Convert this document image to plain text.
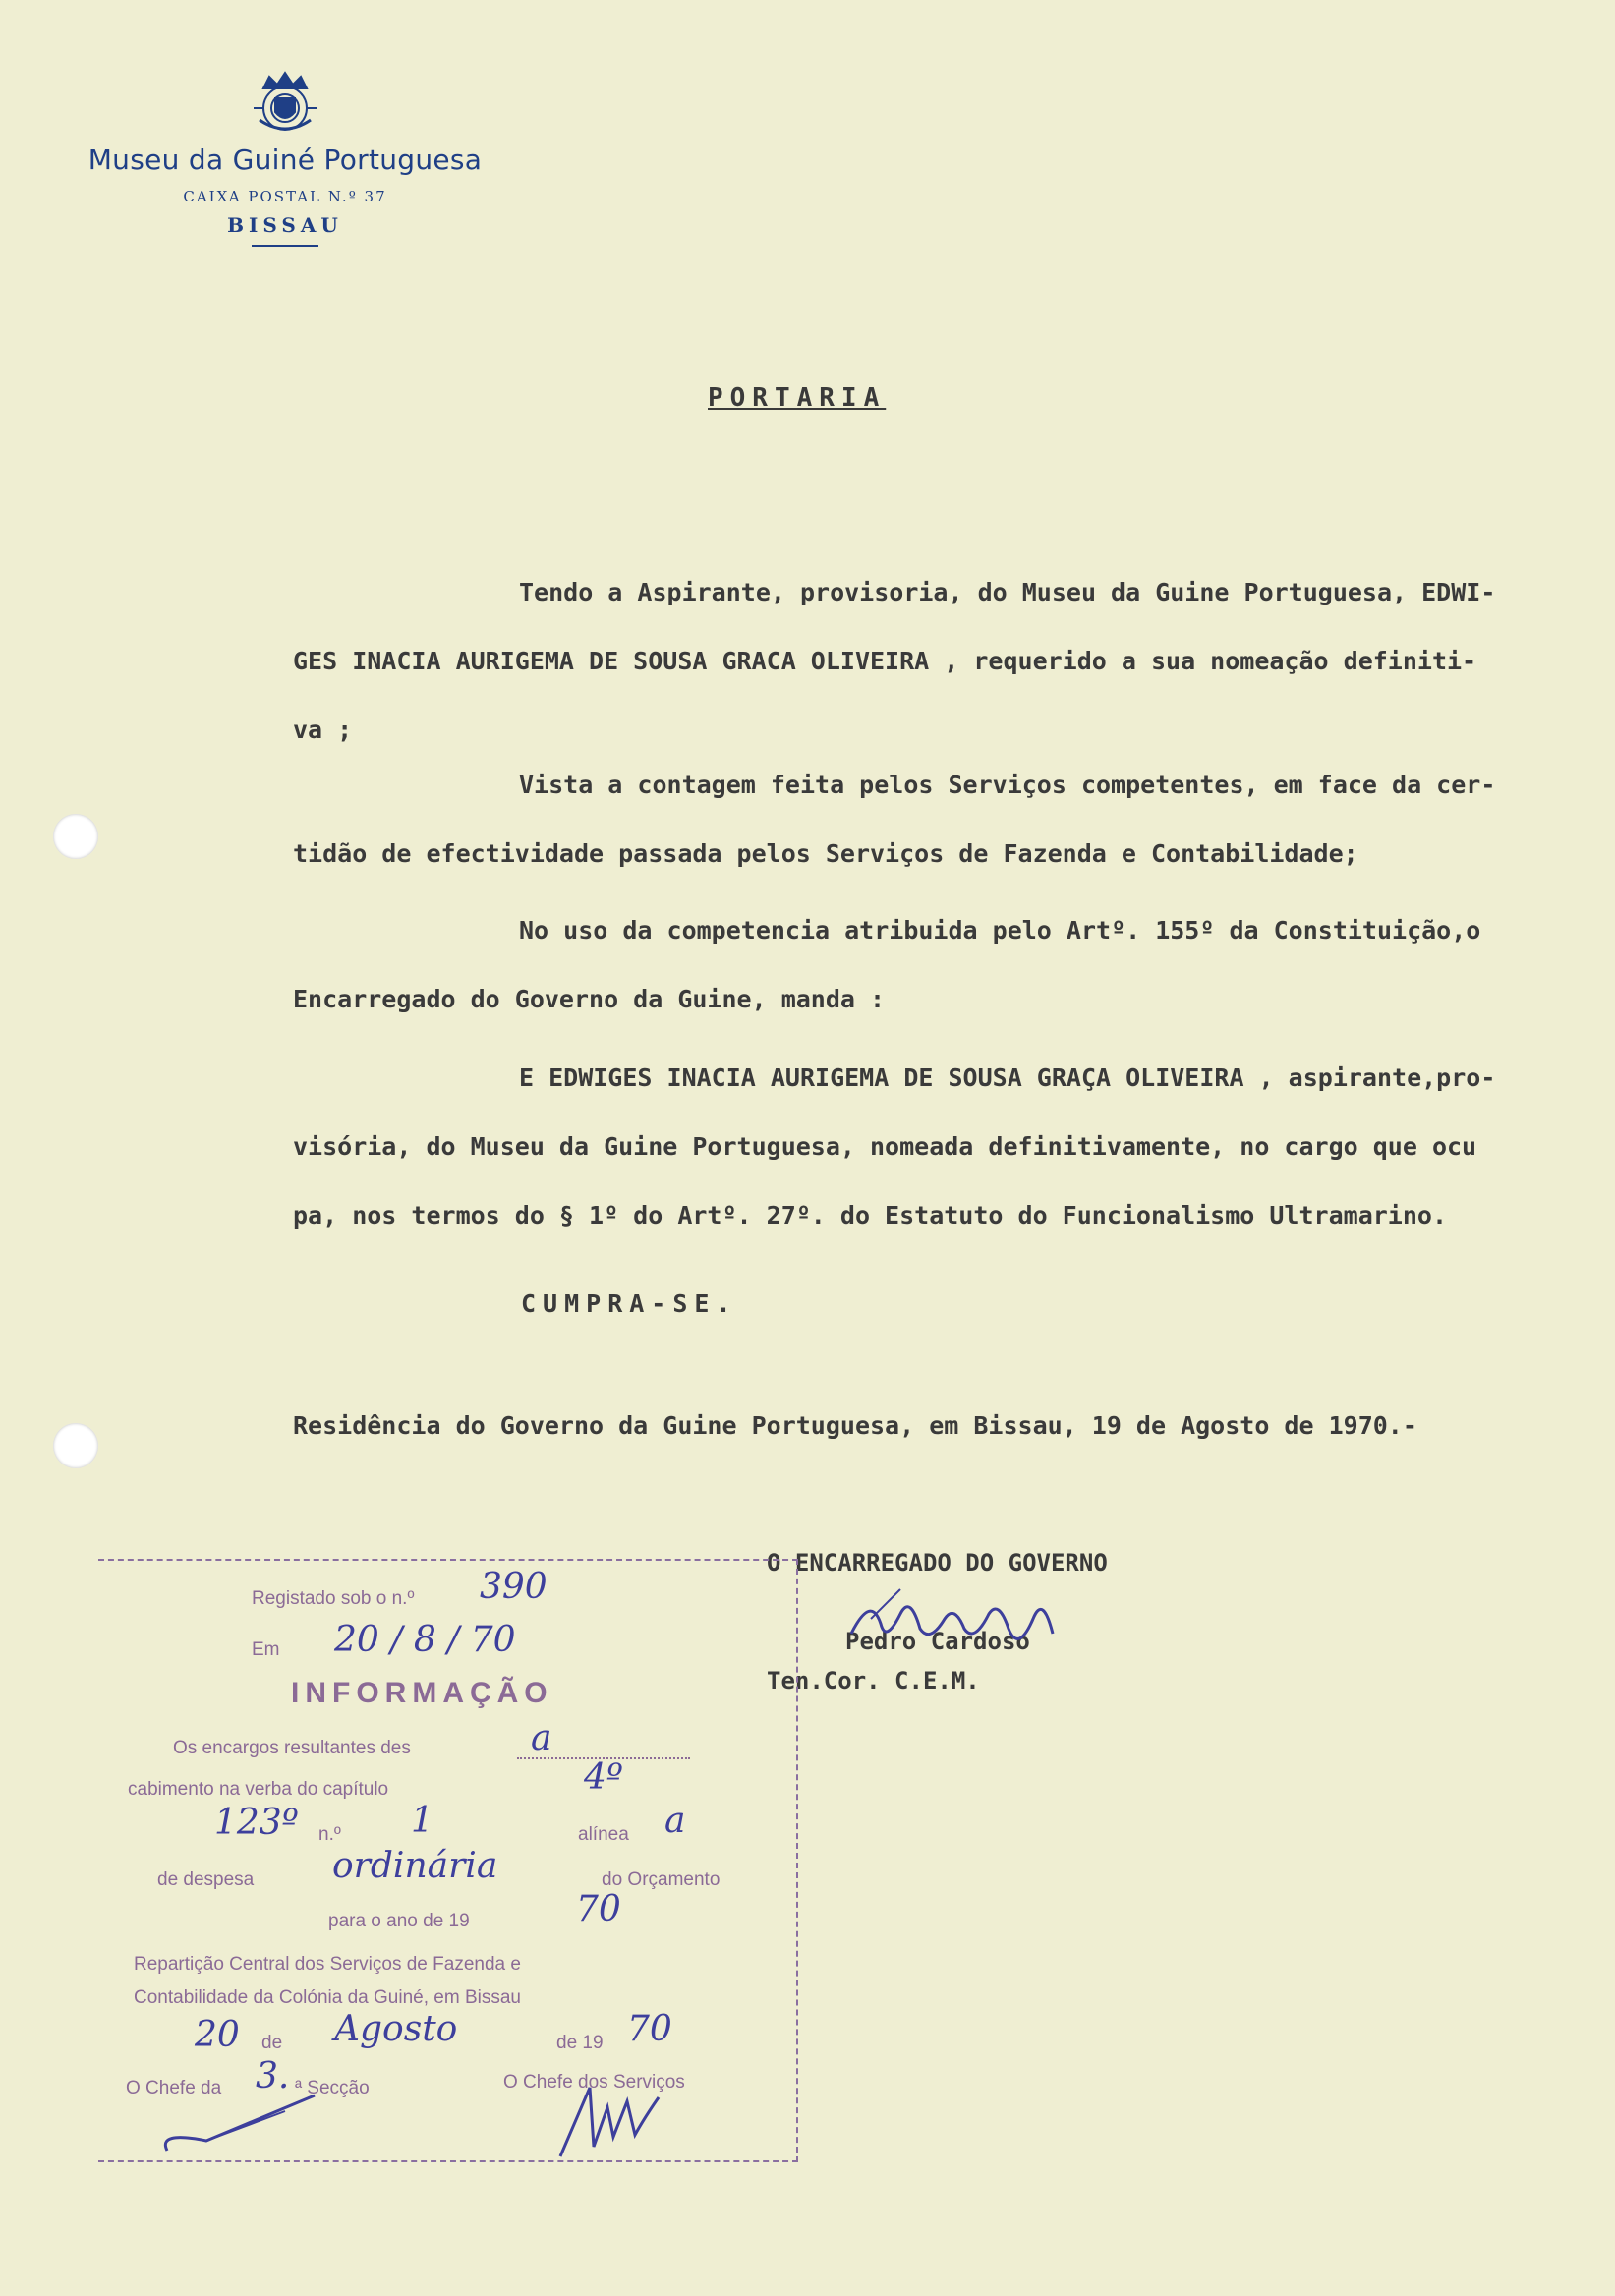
Museu da Guiné Portuguesa
CAIXA POSTAL N.º 37
BISSAU
PORTARIA

Tendo a Aspirante, provisoria, do Museu da Guine Portuguesa, EDWI-

GES INACIA AURIGEMA DE SOUSA GRACA OLIVEIRA , requerido a sua nomeação definiti-

va ;

Vista a contagem feita pelos Serviços competentes, em face da cer-

tidão de efectividade passada pelos Serviços de Fazenda e Contabilidade;

No uso da competencia atribuida pelo Artº. 155º da Constituição,o

Encarregado do Governo da Guine, manda :

E EDWIGES INACIA AURIGEMA DE SOUSA GRAÇA OLIVEIRA , aspirante,pro-

visória, do Museu da Guine Portuguesa, nomeada definitivamente, no cargo que ocu

pa, nos termos do § 1º do Artº. 27º. do Estatuto do Funcionalismo Ultramarino.

CUMPRA-SE.
Residência do Governo da Guine Portuguesa, em Bissau, 19 de Agosto de 1970.-
O ENCARREGADO DO GOVERNO
Pedro Cardoso
Ten.Cor. C.E.M.
Registado sob o n.º 390
Em 20 / 8 / 70
INFORMAÇÃO
Os encargos resultantes des	a
cabimento na verba do capítulo	4º
123º n.º 1	alínea a
de despesa ordinária	do Orçamento
para o ano de 19	70
Repartição Central dos Serviços de Fazenda e
Contabilidade da Colónia da Guiné, em Bissau
20 de Agosto	de 19 70
O Chefe da 3. ª Secção	O Chefe dos Serviços
